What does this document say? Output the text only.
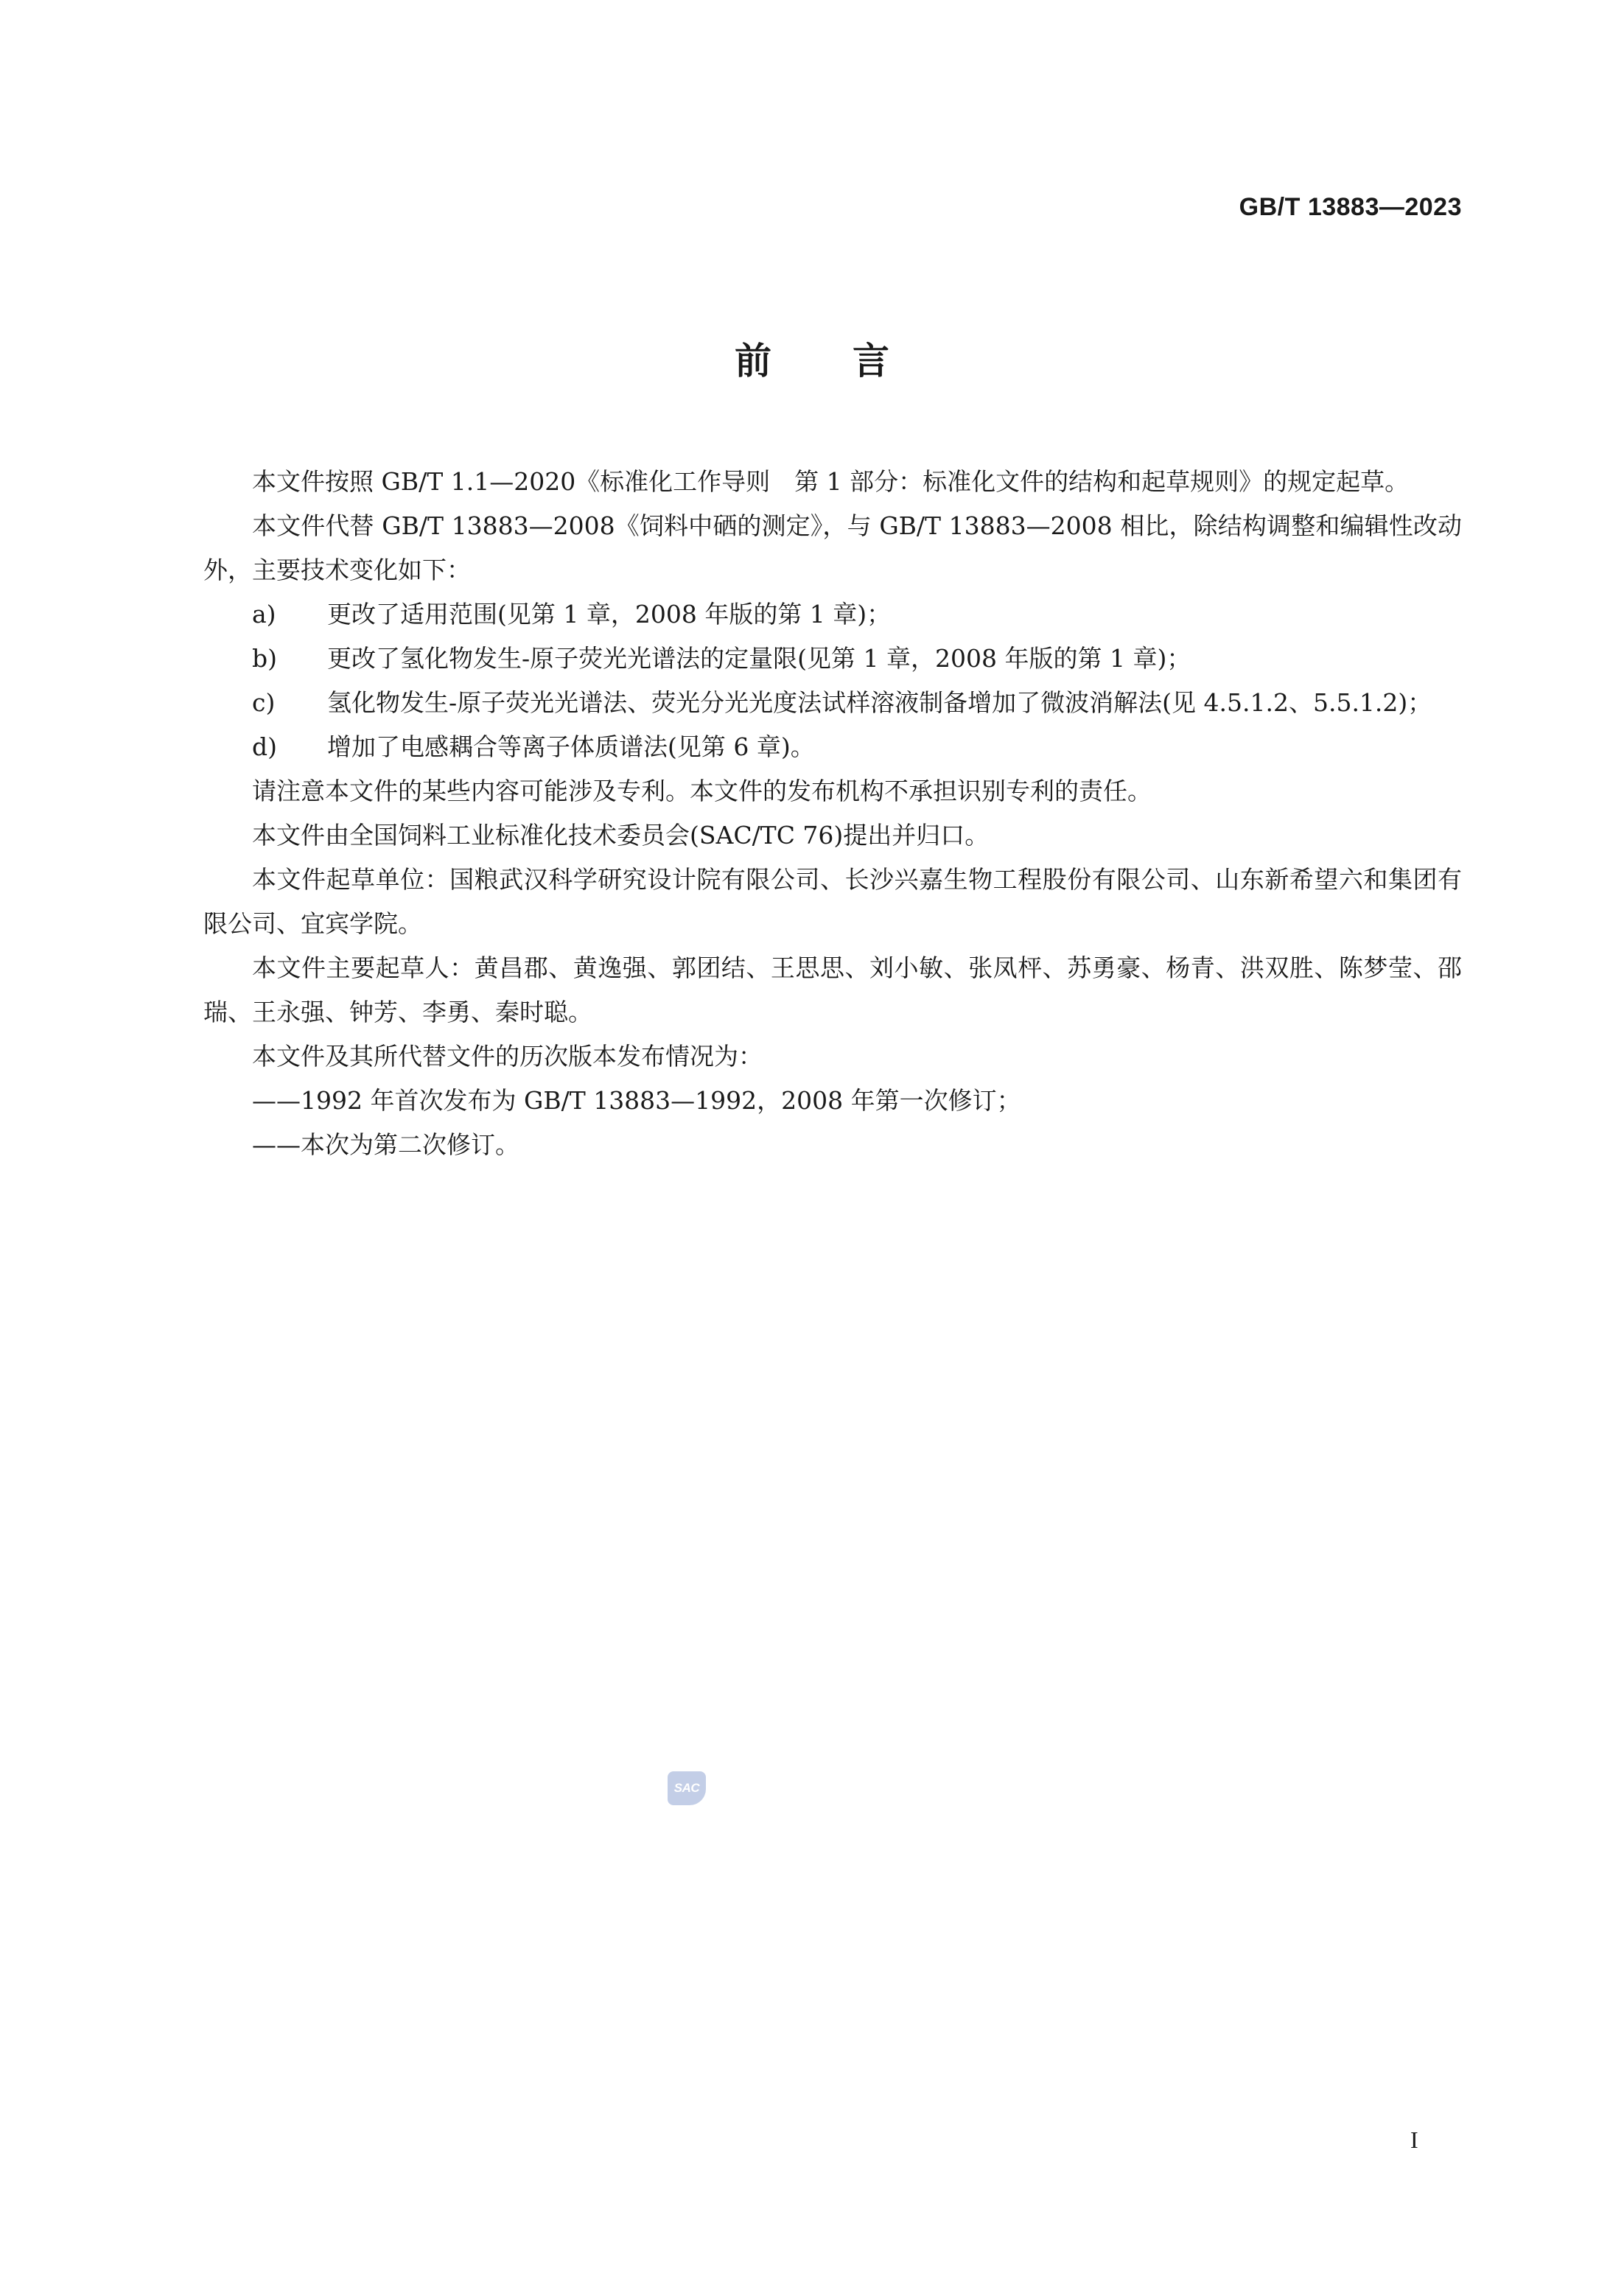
GB/T 13883—2023
前言

本文件按照 GB/T 1.1—2020《标准化工作导则　第 1 部分：标准化文件的结构和起草规则》的规定起草。

本文件代替 GB/T 13883—2008《饲料中硒的测定》，与 GB/T 13883—2008 相比，除结构调整和编辑性改动外，主要技术变化如下：

a) 更改了适用范围(见第 1 章，2008 年版的第 1 章)；
b) 更改了氢化物发生-原子荧光光谱法的定量限(见第 1 章，2008 年版的第 1 章)；
c) 氢化物发生-原子荧光光谱法、荧光分光光度法试样溶液制备增加了微波消解法(见 4.5.1.2、5.5.1.2)；
d) 增加了电感耦合等离子体质谱法(见第 6 章)。

请注意本文件的某些内容可能涉及专利。本文件的发布机构不承担识别专利的责任。

本文件由全国饲料工业标准化技术委员会(SAC/TC 76)提出并归口。

本文件起草单位：国粮武汉科学研究设计院有限公司、长沙兴嘉生物工程股份有限公司、山东新希望六和集团有限公司、宜宾学院。

本文件主要起草人：黄昌郡、黄逸强、郭团结、王思思、刘小敏、张凤枰、苏勇豪、杨青、洪双胜、陈梦莹、邵瑞、王永强、钟芳、李勇、秦时聪。

本文件及其所代替文件的历次版本发布情况为：

——1992 年首次发布为 GB/T 13883—1992，2008 年第一次修订；

——本次为第二次修订。

SAC
I
